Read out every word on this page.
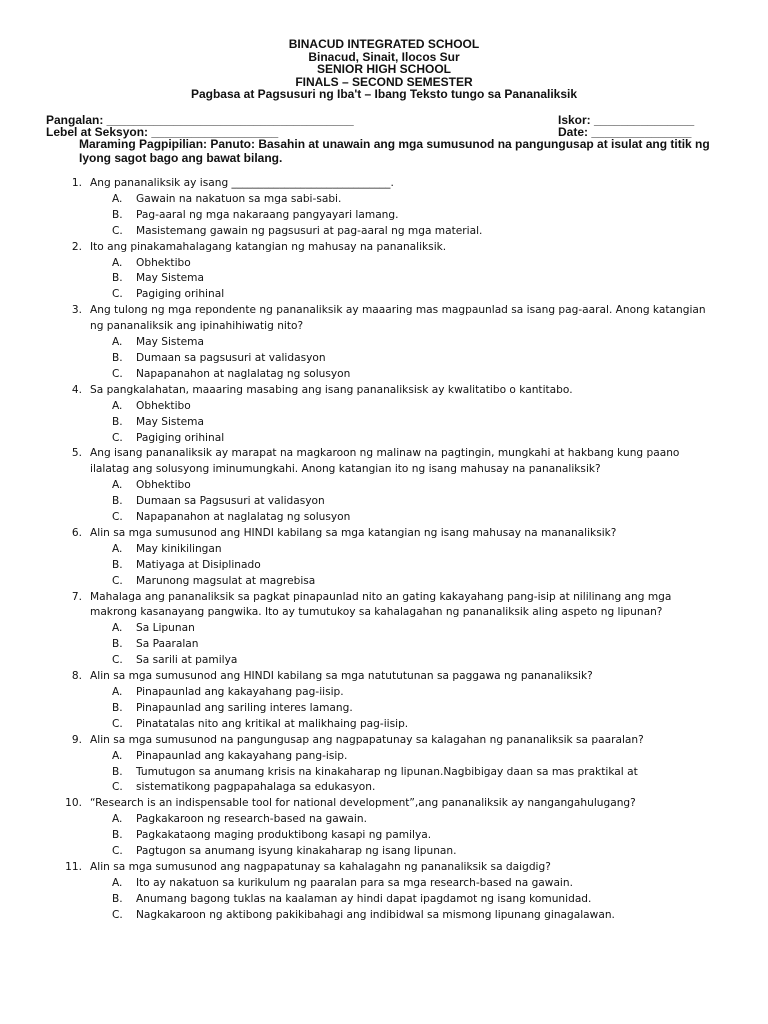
BINACUD INTEGRATED SCHOOL
Binacud, Sinait, Ilocos Sur
SENIOR HIGH SCHOOL
FINALS – SECOND SEMESTER
Pagbasa at Pagsusuri ng Iba't – Ibang Teksto tungo sa Pananaliksik
Pangalan: _____________________________________	Iskor: _______________
Lebel at Seksyon: ___________________	Date: _______________
Maraming Pagpipilian: Panuto: Basahin at unawain ang mga sumusunod na pangungusap at isulat ang titik ng Iyong sagot bago ang bawat bilang.
1. Ang pananaliksik ay isang ______________________________.
A. Gawain na nakatuon sa mga sabi-sabi.
B. Pag-aaral ng mga nakaraang pangyayari lamang.
C. Masistemang gawain ng pagsusuri at pag-aaral ng mga material.
2. Ito ang pinakamahalagang katangian ng mahusay na pananaliksik.
A. Obhektibo
B. May Sistema
C. Pagiging orihinal
3. Ang tulong ng mga repondente ng pananaliksik ay maaaring mas magpaunlad sa isang pag-aaral. Anong katangian ng pananaliksik ang ipinahihiwatig nito?
A. May Sistema
B. Dumaan sa pagsusuri at validasyon
C. Napapanahon at naglalatag ng solusyon
4. Sa pangkalahatan, maaaring masabing ang isang pananaliksisk ay kwalitatibo o kantitabo.
A. Obhektibo
B. May Sistema
C. Pagiging orihinal
5. Ang isang pananaliksik ay marapat na magkaroon ng malinaw na pagtingin, mungkahi at hakbang kung paano ilalatag ang solusyong iminumungkahi. Anong katangian ito ng isang mahusay na pananaliksik?
A. Obhektibo
B. Dumaan sa Pagsusuri at validasyon
C. Napapanahon at naglalatag ng solusyon
6. Alin sa mga sumusunod ang HINDI kabilang sa mga katangian ng isang mahusay na mananaliksik?
A. May kinikilingan
B. Matiyaga at Disiplinado
C. Marunong magsulat at magrebisa
7. Mahalaga ang pananaliksik sa pagkat pinapaunlad nito an gating kakayahang pang-isip at nililinang ang mga makrong kasanayang pangwika. Ito ay tumutukoy sa kahalagahan ng pananaliksik aling aspeto ng lipunan?
A. Sa Lipunan
B. Sa Paaralan
C. Sa sarili at pamilya
8. Alin sa mga sumusunod ang HINDI kabilang sa mga natututunan sa paggawa ng pananaliksik?
A. Pinapaunlad ang kakayahang pag-iisip.
B. Pinapaunlad ang sariling interes lamang.
C. Pinatatalas nito ang kritikal at malikhaing pag-iisip.
9. Alin sa mga sumusunod na pangungusap ang nagpapatunay sa kalagahan ng pananaliksik sa paaralan?
A. Pinapaunlad ang kakayahang pang-isip.
B. Tumutugon sa anumang krisis na kinakaharap ng lipunan.Nagbibigay daan sa mas praktikal at
C. sistematikong pagpapahalaga sa edukasyon.
10. “Research is an indispensable tool for national development”,ang pananaliksik ay nangangahulugang?
A. Pagkakaroon ng research-based na gawain.
B. Pagkakataong maging produktibong kasapi ng pamilya.
C. Pagtugon sa anumang isyung kinakaharap ng isang lipunan.
11. Alin sa mga sumusunod ang nagpapatunay sa kahalagahn ng pananaliksik sa daigdig?
A. Ito ay nakatuon sa kurikulum ng paaralan para sa mga research-based na gawain.
B. Anumang bagong tuklas na kaalaman ay hindi dapat ipagdamot ng isang komunidad.
C. Nagkakaroon ng aktibong pakikibahagi ang indibidwal sa mismong lipunang ginagalawan.
